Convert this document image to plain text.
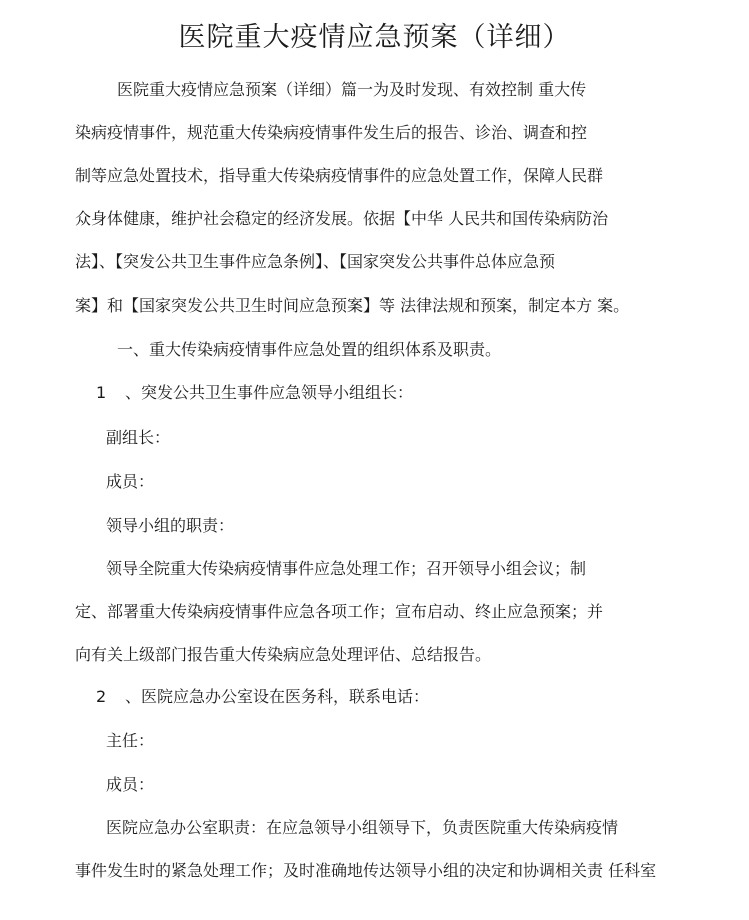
医院重大疫情应急预案（详细）
医院重大疫情应急预案（详细）篇一为及时发现、有效控制 重大传
染病疫情事件，规范重大传染病疫情事件发生后的报告、诊治、调查和控
制等应急处置技术，指导重大传染病疫情事件的应急处置工作，保障人民群
众身体健康，维护社会稳定的经济发展。依据【中华 人民共和国传染病防治
法】、【突发公共卫生事件应急条例】、【国家突发公共事件总体应急预
案】和【国家突发公共卫生时间应急预案】等 法律法规和预案，制定本方 案。
一、重大传染病疫情事件应急处置的组织体系及职责。
1 、突发公共卫生事件应急领导小组组长：
副组长：
成员：
领导小组的职责：
领导全院重大传染病疫情事件应急处理工作；召开领导小组会议；制
定、部署重大传染病疫情事件应急各项工作；宣布启动、终止应急预案；并
向有关上级部门报告重大传染病应急处理评估、总结报告。
2 、医院应急办公室设在医务科，联系电话：
主任：
成员：
医院应急办公室职责：在应急领导小组领导下，负责医院重大传染病疫情
事件发生时的紧急处理工作；及时准确地传达领导小组的决定和协调相关责 任科室
